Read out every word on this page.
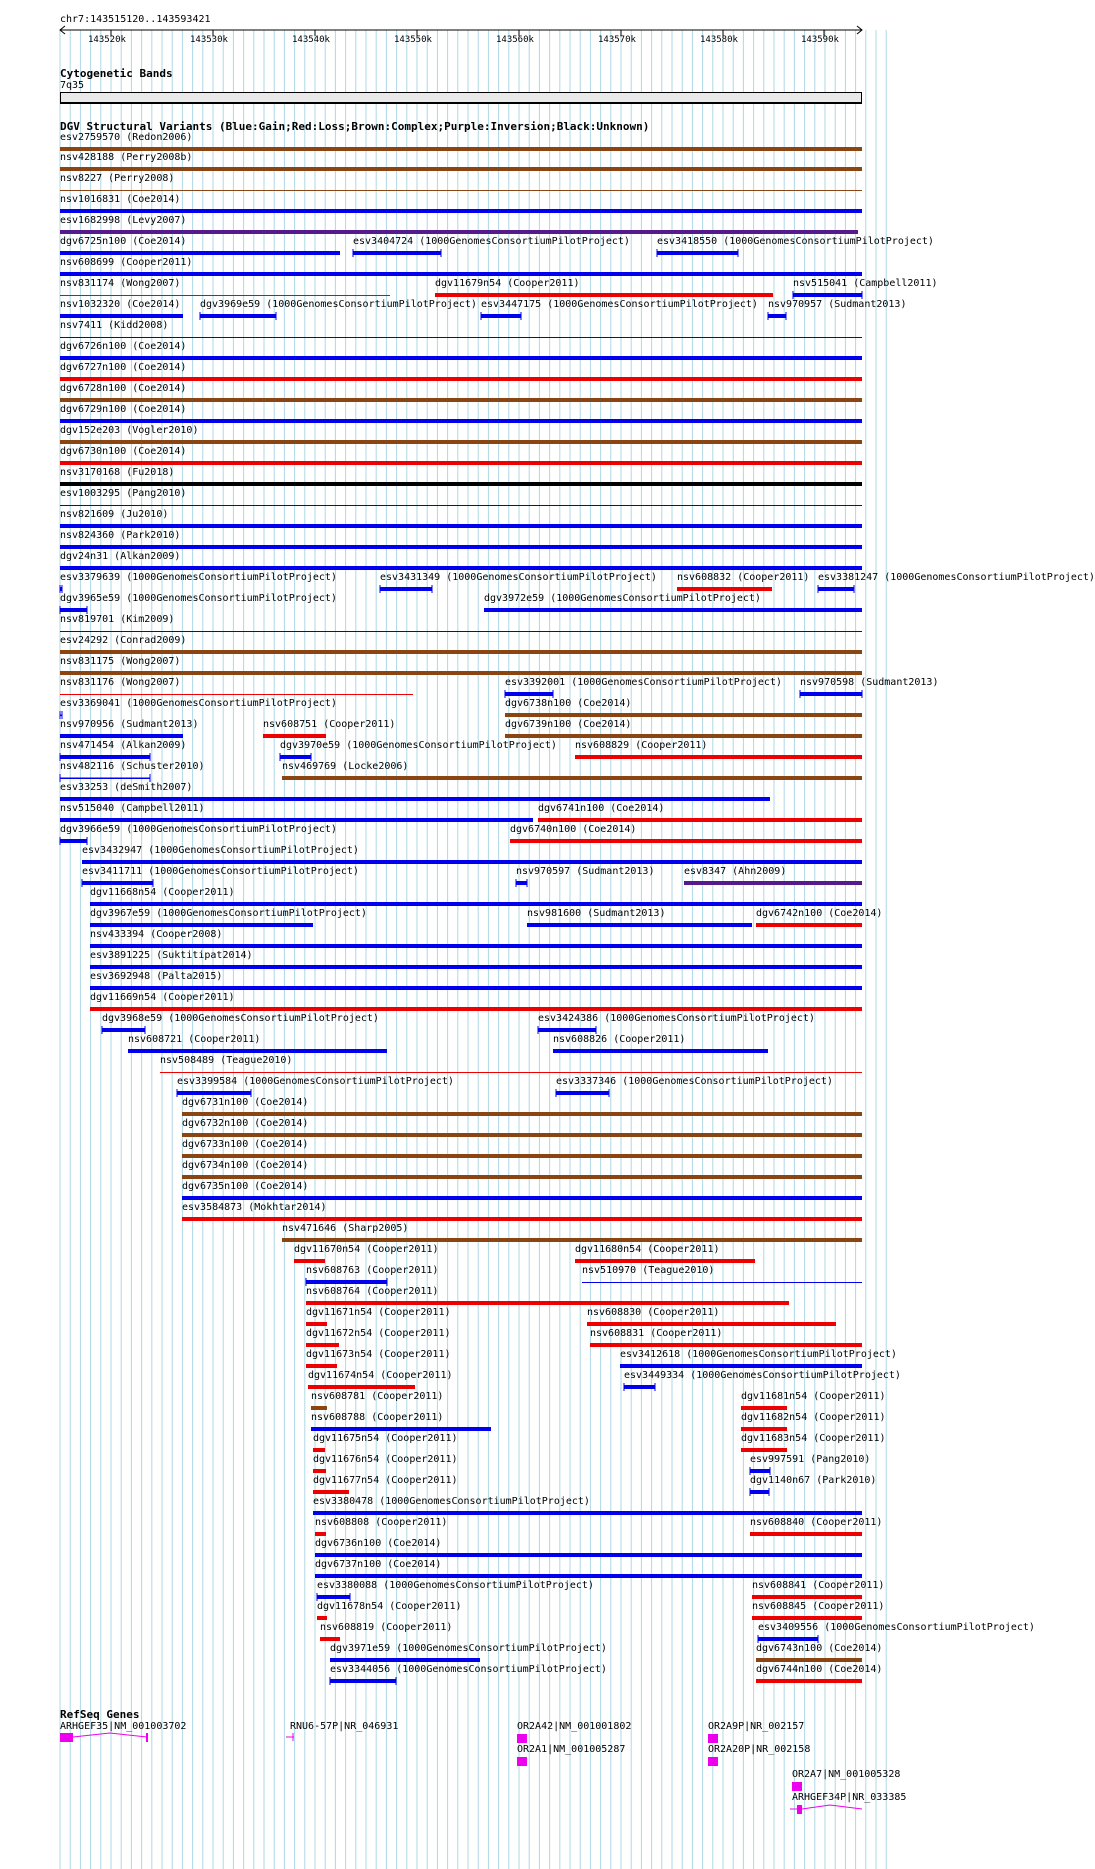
chr7:143515120..143593421
143520k	143530k	143540k	143550k	143560k	143570k	143580k	143590k
Cytogenetic Bands
7q35
DGV Structural Variants (Blue:Gain;Red:Loss;Brown:Complex;Purple:Inversion;Black:Unknown)
esv2759570 (Redon2006)
nsv428188 (Perry2008b)
nsv8227 (Perry2008)
nsv1016831 (Coe2014)
esv1682998 (Levy2007)
dgv6725n100 (Coe2014)	esv3404724 (1000GenomesConsortiumPilotProject)	esv3418550 (1000GenomesConsortiumPilotProject)
nsv608699 (Cooper2011)
nsv831174 (Wong2007)	dgv11679n54 (Cooper2011)	nsv515041 (Campbell2011)
nsv1032320 (Coe2014) dgv3969e59 (1000GenomesConsortiumPilotProject) esv3447175 (1000GenomesConsortiumPilotProject) nsv970957 (Sudmant2013)
nsv7411 (Kidd2008)
dgv6726n100 (Coe2014)
dgv6727n100 (Coe2014)
dgv6728n100 (Coe2014)
dgv6729n100 (Coe2014)
dgv152e203 (Vogler2010)
dgv6730n100 (Coe2014)
nsv3170168 (Fu2018)
esv1003295 (Pang2010)
nsv821609 (Ju2010)
nsv824360 (Park2010)
dgv24n31 (Alkan2009)
esv3379639 (1000GenomesConsortiumPilotProject)	esv3431349 (1000GenomesConsortiumPilotProject) nsv608832 (Cooper2011) esv3381247 (1000GenomesConsortiumPilotProject)
dgv3965e59 (1000GenomesConsortiumPilotProject)	dgv3972e59 (1000GenomesConsortiumPilotProject)
nsv819701 (Kim2009)
esv24292 (Conrad2009)
nsv831175 (Wong2007)
nsv831176 (Wong2007)	esv3392001 (1000GenomesConsortiumPilotProject) nsv970598 (Sudmant2013)
esv3369041 (1000GenomesConsortiumPilotProject)	dgv6738n100 (Coe2014)
nsv970956 (Sudmant2013)	nsv608751 (Cooper2011)	dgv6739n100 (Coe2014)
nsv471454 (Alkan2009)	dgv3970e59 (1000GenomesConsortiumPilotProject) nsv608829 (Cooper2011)
nsv482116 (Schuster2010)	nsv469769 (Locke2006)
esv33253 (deSmith2007)
nsv515040 (Campbell2011)	dgv6741n100 (Coe2014)
dgv3966e59 (1000GenomesConsortiumPilotProject)	dgv6740n100 (Coe2014)
esv3432947 (1000GenomesConsortiumPilotProject)
esv3411711 (1000GenomesConsortiumPilotProject)	nsv970597 (Sudmant2013)	esv8347 (Ahn2009)
dgv11668n54 (Cooper2011)
dgv3967e59 (1000GenomesConsortiumPilotProject)	nsv981600 (Sudmant2013)	dgv6742n100 (Coe2014)
nsv433394 (Cooper2008)
esv3891225 (Suktitipat2014)
esv3692948 (Palta2015)
dgv11669n54 (Cooper2011)
dgv3968e59 (1000GenomesConsortiumPilotProject)	esv3424386 (1000GenomesConsortiumPilotProject)
nsv608721 (Cooper2011)	nsv608826 (Cooper2011)
nsv508489 (Teague2010)
esv3399584 (1000GenomesConsortiumPilotProject)	esv3337346 (1000GenomesConsortiumPilotProject)
dgv6731n100 (Coe2014)
dgv6732n100 (Coe2014)
dgv6733n100 (Coe2014)
dgv6734n100 (Coe2014)
dgv6735n100 (Coe2014)
esv3584873 (Mokhtar2014)
nsv471646 (Sharp2005)
dgv11670n54 (Cooper2011)	dgv11680n54 (Cooper2011)
nsv608763 (Cooper2011)	nsv510970 (Teague2010)
nsv608764 (Cooper2011)
dgv11671n54 (Cooper2011)	nsv608830 (Cooper2011)
dgv11672n54 (Cooper2011)	nsv608831 (Cooper2011)
dgv11673n54 (Cooper2011)	esv3412618 (1000GenomesConsortiumPilotProject)
dgv11674n54 (Cooper2011)	esv3449334 (1000GenomesConsortiumPilotProject)
nsv608781 (Cooper2011)	dgv11681n54 (Cooper2011)
nsv608788 (Cooper2011)	dgv11682n54 (Cooper2011)
dgv11675n54 (Cooper2011)	dgv11683n54 (Cooper2011)
dgv11676n54 (Cooper2011)	esv997591 (Pang2010)
dgv11677n54 (Cooper2011)	dgv1140n67 (Park2010)
esv3380478 (1000GenomesConsortiumPilotProject)
nsv608808 (Cooper2011)	nsv608840 (Cooper2011)
dgv6736n100 (Coe2014)
dgv6737n100 (Coe2014)
esv3380088 (1000GenomesConsortiumPilotProject)	nsv608841 (Cooper2011)
dgv11678n54 (Cooper2011)	nsv608845 (Cooper2011)
nsv608819 (Cooper2011)	esv3409556 (1000GenomesConsortiumPilotProject)
dgv3971e59 (1000GenomesConsortiumPilotProject)	dgv6743n100 (Coe2014)
esv3344056 (1000GenomesConsortiumPilotProject)	dgv6744n100 (Coe2014)
RefSeq Genes
ARHGEF35|NM_001003702	RNU6-57P|NR_046931	OR2A42|NM_001001802	OR2A9P|NR_002157
OR2A1|NM_001005287	OR2A20P|NR_002158
OR2A7|NM_001005328
ARHGEF34P|NR_033385
